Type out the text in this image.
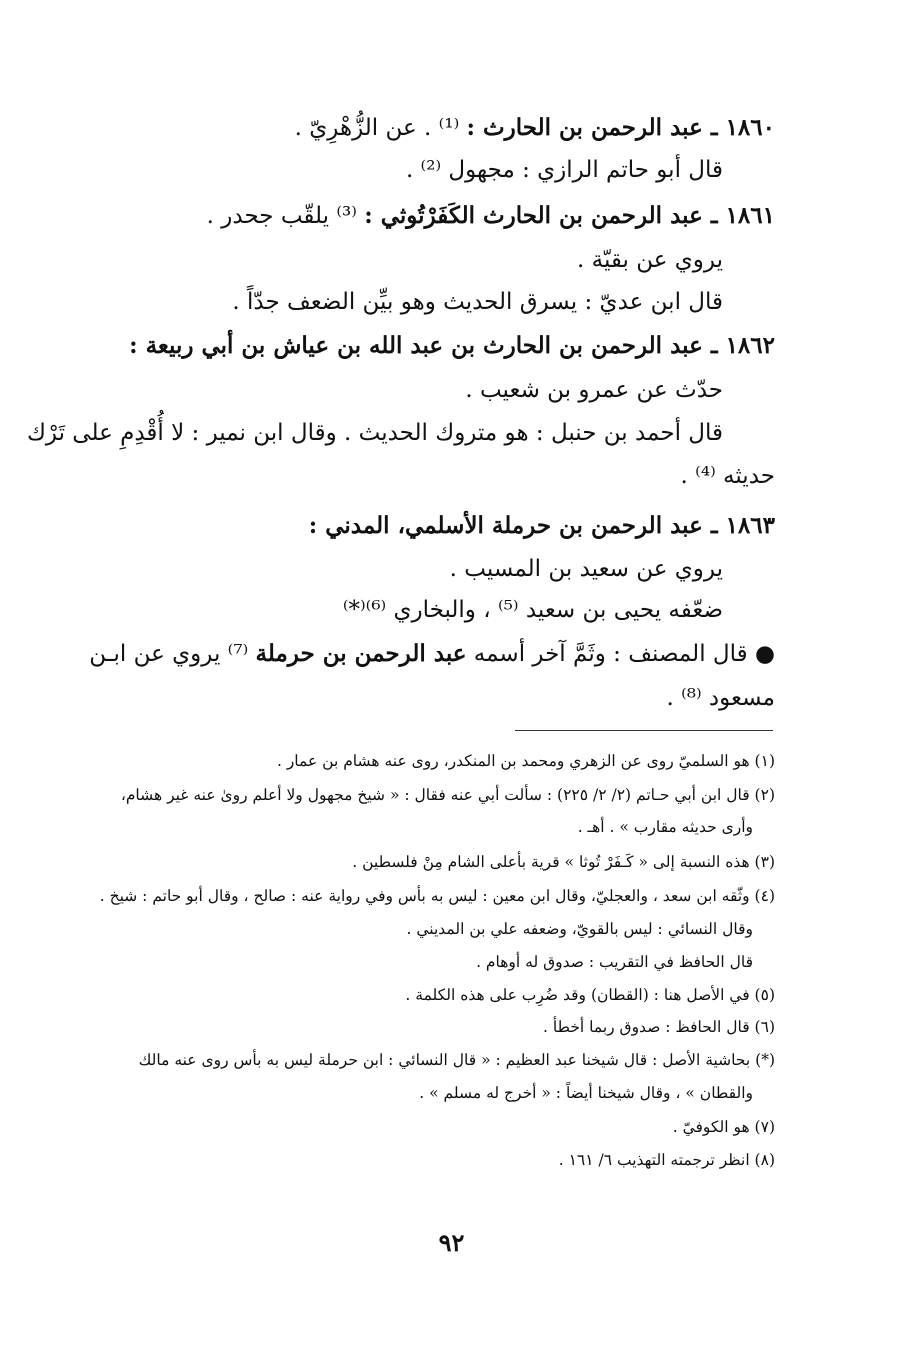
١٨٦٠ ـ عبد الرحمن بن الحارث : ⁽¹⁾ . عن الزُّهْرِيّ .
قال أبو حاتم الرازي : مجهول ⁽²⁾ .
١٨٦١ ـ عبد الرحمن بن الحارث الكَفَرْتُوثي : ⁽³⁾ يلقّب جحدر .
يروي عن بقيّة .
قال ابن عديّ : يسرق الحديث وهو بيِّن الضعف جدّاً .
١٨٦٢ ـ عبد الرحمن بن الحارث بن عبد الله بن عياش بن أبي ربيعة :
حدّث عن عمرو بن شعيب .
قال أحمد بن حنبل : هو متروك الحديث . وقال ابن نمير : لا أُقْدِمِ على تَرْك
حديثه ⁽⁴⁾ .
١٨٦٣ ـ عبد الرحمن بن حرملة الأسلمي، المدني :
يروي عن سعيد بن المسيب .
ضعّفه يحيى بن سعيد ⁽⁵⁾ ، والبخاري ⁽⁶⁾⁽*⁾
● قال المصنف : وثَمَّ آخر أسمه عبد الرحمن بن حرملة ⁽⁷⁾ يروي عن ابـن
مسعود ⁽⁸⁾ .
(١) هو السلميّ روى عن الزهري ومحمد بن المنكدر، روى عنه هشام بن عمار .
(٢) قال ابن أبي حـاتم (٢/ ٢/ ٢٢٥) : سألت أبي عنه فقال : « شيخ مجهول ولا أعلم روىٰ عنه غير هشام،
وأرى حديثه مقارب » . أهـ .
(٣) هذه النسبة إلى « كَـفَرْ تُوثا » قرية بأعلى الشام مِنْ فلسطين .
(٤) وثّقه ابن سعد ، والعجليّ، وقال ابن معين : ليس به بأس وفي رواية عنه : صالح ، وقال أبو حاتم : شيخ .
وقال النسائي : ليس بالقويّ، وضعفه علي بن المديني .
قال الحافظ في التقريب : صدوق له أوهام .
(٥) في الأصل هنا : (القطان) وقد ضُرِب على هذه الكلمة .
(٦) قال الحافظ : صدوق ربما أخطأ .
(*) بحاشية الأصل : قال شيخنا عبد العظيم : « قال النسائي : ابن حرملة ليس به بأس روى عنه مالك
والقطان » ، وقال شيخنا أيضاً : « أخرج له مسلم » .
(٧) هو الكوفيّ .
(٨) انظر ترجمته التهذيب ٦/ ١٦١ .
٩٢
